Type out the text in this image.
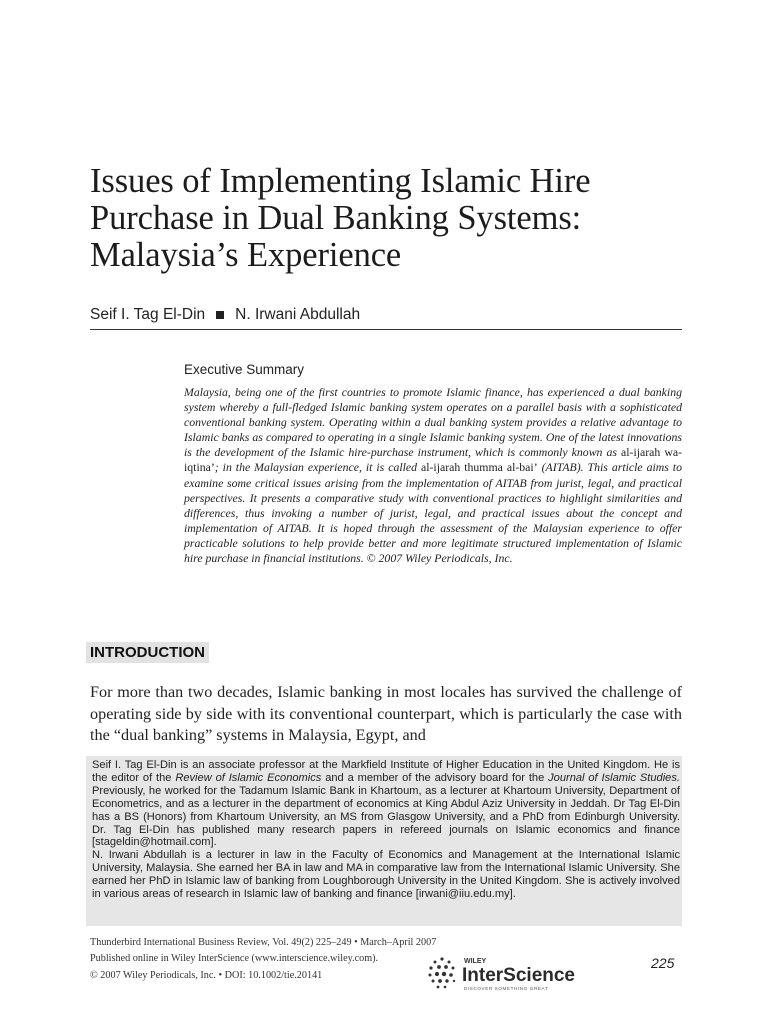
Issues of Implementing Islamic Hire
Purchase in Dual Banking Systems:
Malaysia’s Experience
Seif I. Tag El-Din N. Irwani Abdullah
Executive Summary

Malaysia, being one of the first countries to promote Islamic finance, has experienced a dual banking system whereby a full-fledged Islamic banking system operates on a parallel basis with a sophisticated conventional banking system. Operating within a dual banking system provides a relative advantage to Islamic banks as compared to operating in a single Islamic banking system. One of the latest innovations is the development of the Islamic hire-purchase instrument, which is commonly known as al-ijarah wa-iqtina’; in the Malaysian experience, it is called al-ijarah thumma al-bai’ (AITAB). This article aims to examine some critical issues arising from the implementation of AITAB from jurist, legal, and practical perspectives. It presents a comparative study with conventional practices to highlight similarities and differences, thus invoking a number of jurist, legal, and practical issues about the concept and implementation of AITAB. It is hoped through the assessment of the Malaysian experience to offer practicable solutions to help provide better and more legitimate structured implementation of Islamic hire purchase in financial institutions. © 2007 Wiley Periodicals, Inc.

INTRODUCTION

For more than two decades, Islamic banking in most locales has survived the challenge of operating side by side with its conventional counterpart, which is particularly the case with the “dual banking” systems in Malaysia, Egypt, and

Seif I. Tag El-Din is an associate professor at the Markfield Institute of Higher Education in the United Kingdom. He is the editor of the Review of Islamic Economics and a member of the advisory board for the Journal of Islamic Studies. Previously, he worked for the Tadamum Islamic Bank in Khartoum, as a lecturer at Khartoum University, Department of Econometrics, and as a lecturer in the department of economics at King Abdul Aziz University in Jeddah. Dr Tag El-Din has a BS (Honors) from Khartoum University, an MS from Glasgow University, and a PhD from Edinburgh University. Dr. Tag El-Din has published many research papers in refereed journals on Islamic economics and finance [stageldin@hotmail.com].
N. Irwani Abdullah is a lecturer in law in the Faculty of Economics and Management at the International Islamic University, Malaysia. She earned her BA in law and MA in comparative law from the International Islamic University. She earned her PhD in Islamic law of banking from Loughborough University in the United Kingdom. She is actively involved in various areas of research in Islamic law of banking and finance [irwani@iiu.edu.my].

Thunderbird International Business Review, Vol. 49(2) 225–249 • March–April 2007
Published online in Wiley InterScience (www.interscience.wiley.com).
© 2007 Wiley Periodicals, Inc. • DOI: 10.1002/tie.20141
WILEY
InterScience
DISCOVER SOMETHING GREAT
225
